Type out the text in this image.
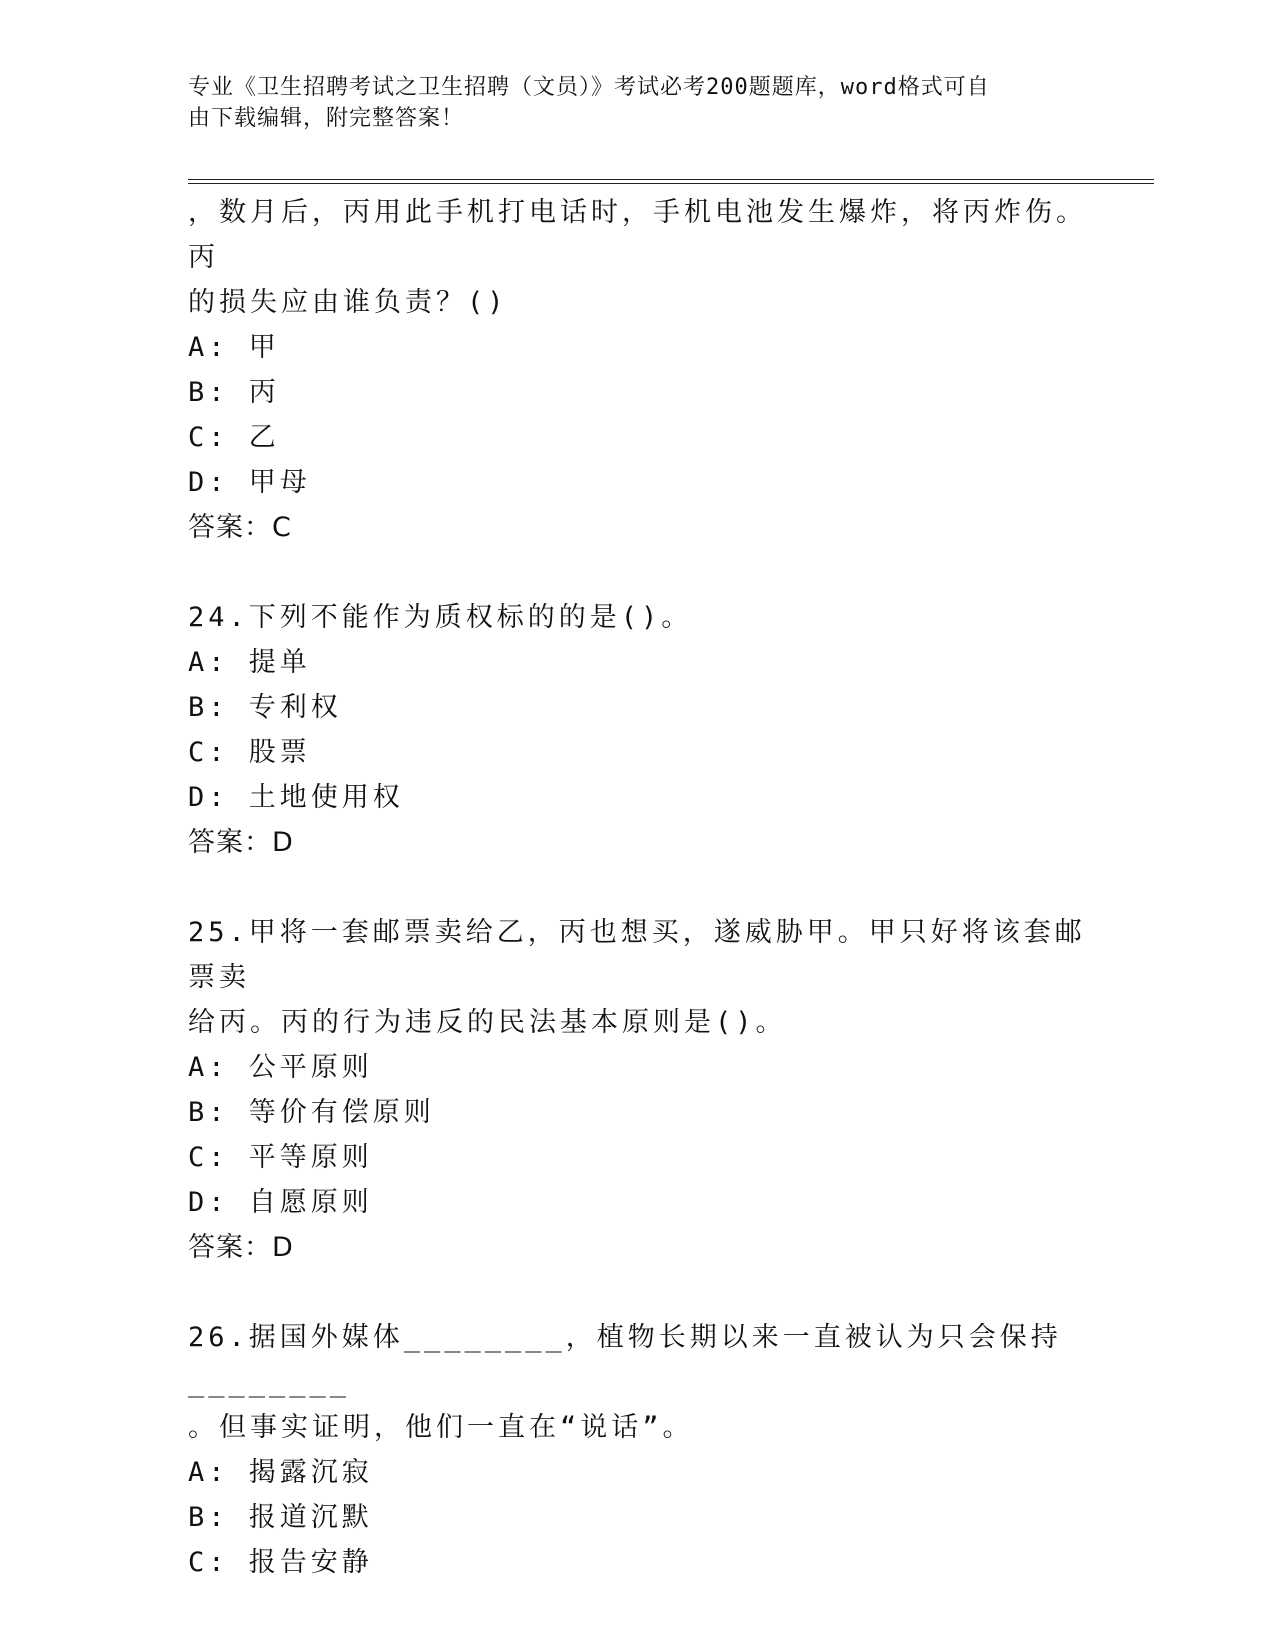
专业《卫生招聘考试之卫生招聘（文员）》考试必考200题题库，word格式可自
由下载编辑，附完整答案！
，数月后，丙用此手机打电话时，手机电池发生爆炸，将丙炸伤。丙
的损失应由谁负责？()
A: 甲
B: 丙
C: 乙
D: 甲母
答案：C
24.下列不能作为质权标的的是()。
A: 提单
B: 专利权
C: 股票
D: 土地使用权
答案：D
25.甲将一套邮票卖给乙，丙也想买，遂威胁甲。甲只好将该套邮票卖
给丙。丙的行为违反的民法基本原则是()。
A: 公平原则
B: 等价有偿原则
C: 平等原则
D: 自愿原则
答案：D
26.据国外媒体________，植物长期以来一直被认为只会保持________
。但事实证明，他们一直在“说话”。
A: 揭露沉寂
B: 报道沉默
C: 报告安静
